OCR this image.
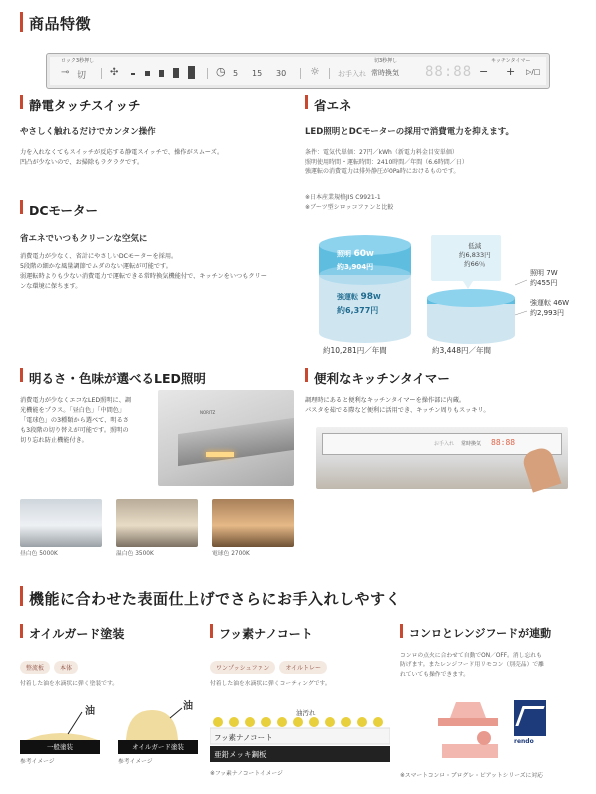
商品特徴
ロック3秒押し
⊸ 切 ✣	◷ 5 15 30 ☼	お手入れ
切3秒押し
常時換気 88:88
キッチンタイマー
− + ▷/□
静電タッチスイッチ
やさしく触れるだけでカンタン操作
力を入れなくてもスイッチが反応する静電スイッチで、操作がスムーズ。
凹凸が少ないので、お掃除もラクラクです。
DCモーター
省エネでいつもクリーンな空気に
消費電力が少なく、省計にやさしいDCモーターを採用。
5段階の細かな風量調節でムダのない運転が可能です。
弱運転時よりも少ない消費電力で運転できる常時換気機能付で、キッチンをいつもクリー
ンな環境に保ちます。
省エネ
LED照明とDCモーターの採用で消費電力を抑えます。
条件：電気代単価：27円／kWh（新電力料金目安単価）
照明使用時間・運転時間：2410時間／年間（6.6時間／日）
強運転の消費電力は排外静圧が0Pa時におけるものです。
※日本産業規格JIS C9921-1
※ブーツ型シロッコファンと比較
照明 60W
約3,904円
強運転 98W
約6,377円
約10,281円／年間
低減
約6,833円
約66％
照明 7W
約455円
強運転 46W
約2,993円
約3,448円／年間
明るさ・色味が選べるLED照明
消費電力が少なくエコなLED照明に、調
光機能をプラス。「昼白色」「中間色」
「電球色」の3種類から選べて、明るさ
も3段階の切り替えが可能です。照明の
切り忘れ防止機能付き。
NORITZ
昼白色 5000K	温白色 3500K	電球色 2700K
便利なキッチンタイマー
調理時にあると便利なキッチンタイマーを操作部に内蔵。
パスタを茹でる際など便利に活用でき、キッチン周りもスッキリ。
お手入れ 常時換気 88:88
機能に合わせた表面仕上げでさらにお手入れしやすく
オイルガード塗装
整流板	本体
付着した油を水滴状に弾く塗装です。
油	油
一般塗装	オイルガード塗装
参考イメージ	参考イメージ
フッ素ナノコート
ワンプッシュファン	オイルトレー
付着した油を水滴状に弾くコーティングです。
油汚れ
フッ素ナノコート
亜鉛メッキ鋼板
※フッ素ナノコートイメージ
コンロとレンジフードが連動
コンロの点火に合わせて自動でON／OFF。消し忘れも
防げます。またレンジフード用リモコン（別売品）で離
れていても操作できます。
rendo
※スマートコンロ・プログレ・ピアットシリーズに対応
